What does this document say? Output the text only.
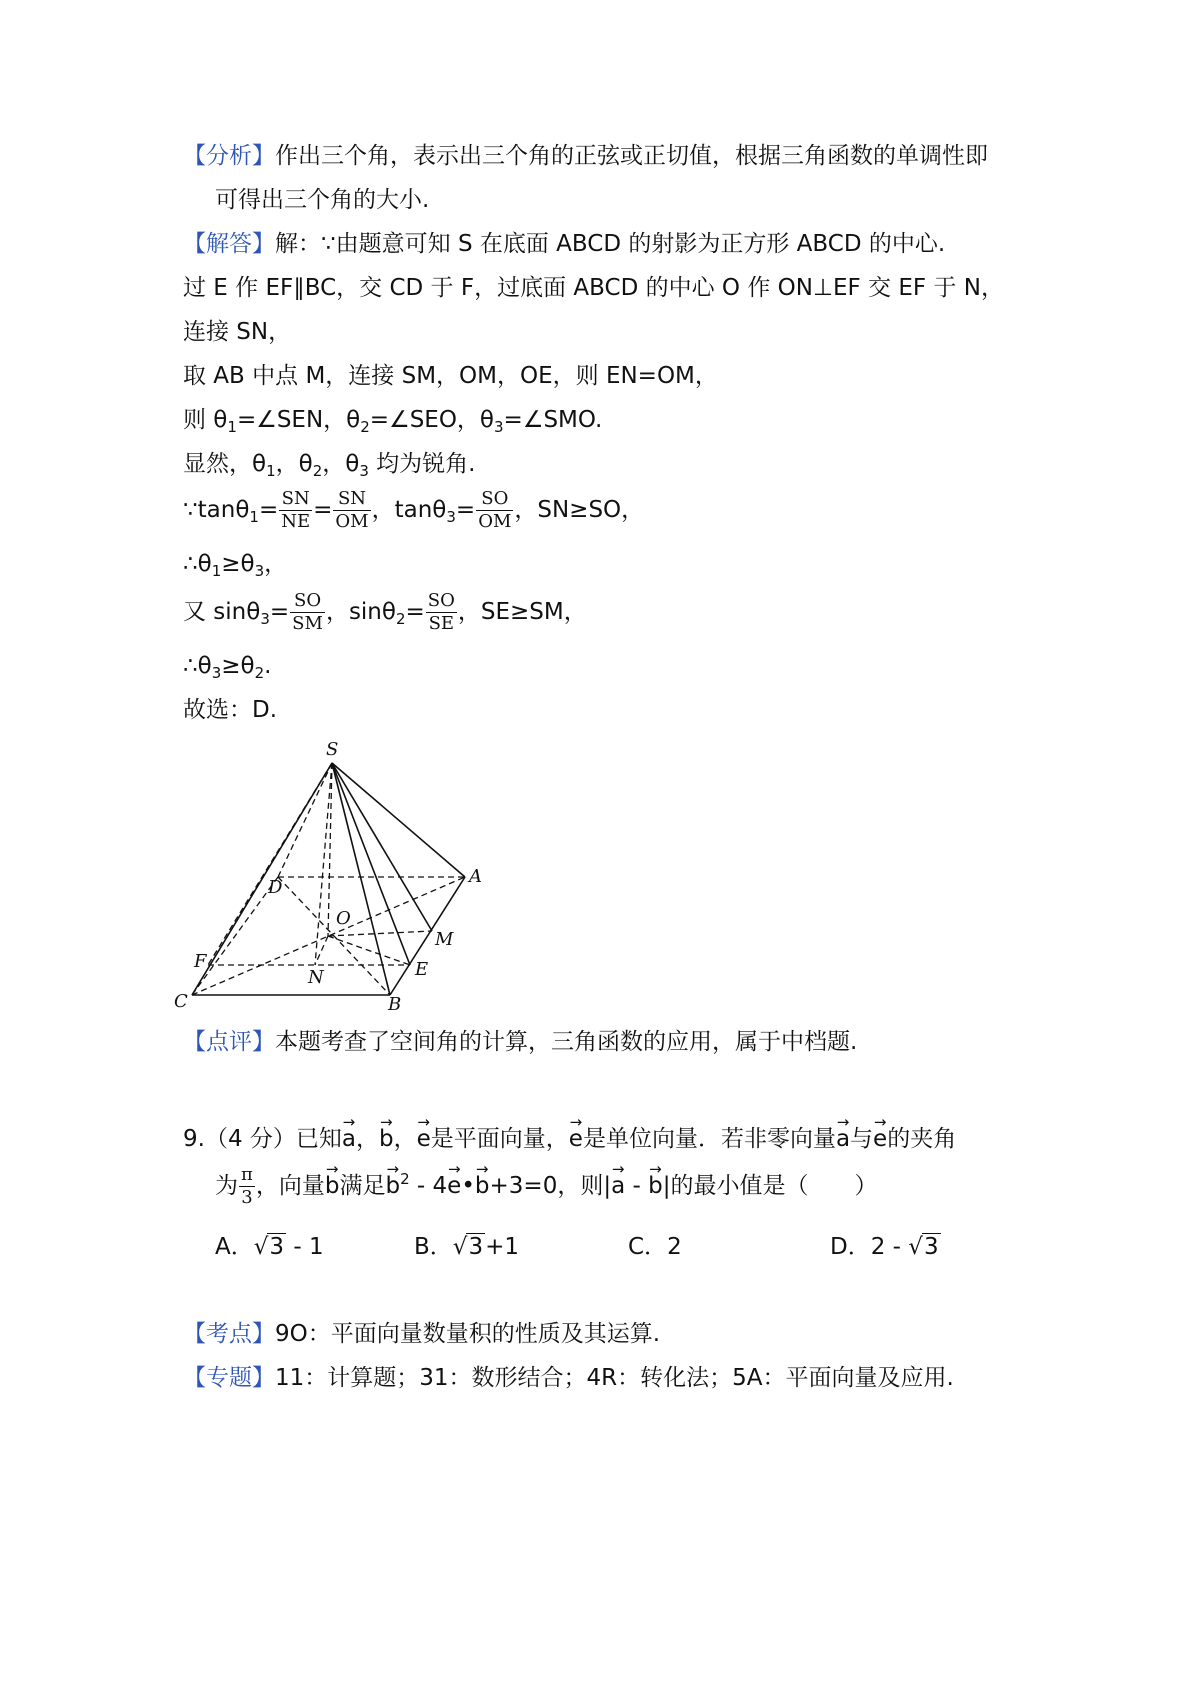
【分析】作出三个角，表示出三个角的正弦或正切值，根据三角函数的单调性即
可得出三个角的大小.
【解答】解：∵由题意可知 S 在底面 ABCD 的射影为正方形 ABCD 的中心.
过 E 作 EF∥BC，交 CD 于 F，过底面 ABCD 的中心 O 作 ON⊥EF 交 EF 于 N，
连接 SN，
取 AB 中点 M，连接 SM，OM，OE，则 EN=OM，
则 $\theta_1=\angle SEN$，$\theta_2=\angle SEO$，$\theta_3=\angle SMO$.
显然，$\theta_1$，$\theta_2$，$\theta_3$ 均为锐角.
∵tanθ$_1$= $\frac{SN}{NE} = \frac{SN}{OM}$ ，$\tan\theta_3= \frac{SO}{OM}$ ，SN≥SO，
$\therefore\theta_1\ge\theta_3$，
又 $\sin\theta_3= \frac{SO}{SM}$ ，$\sin\theta_2= \frac{SO}{SE}$ ，SE≥SM，
$\therefore\theta_3\ge\theta_2$.
故选：D.
S
A
D
O
M
E
F
N
C	B
【点评】本题考查了空间角的计算，三角函数的应用，属于中档题.
9.（4 分）已知→ a，→ b，→ e是平面向量，→ e是单位向量．若非零向量→ a与→ e的夹角
为 $\frac{\pi}{3}$ ，向量→ b满足→ $b^2 - 4\to$ e•→ b+3=0，则|→ a - → b|的最小值是（　　）
A．√3 - 1	B．√3+1	C．2	D．2 - √3
【考点】9O：平面向量数量积的性质及其运算.
【专题】11：计算题；31：数形结合；4R：转化法；5A：平面向量及应用.
